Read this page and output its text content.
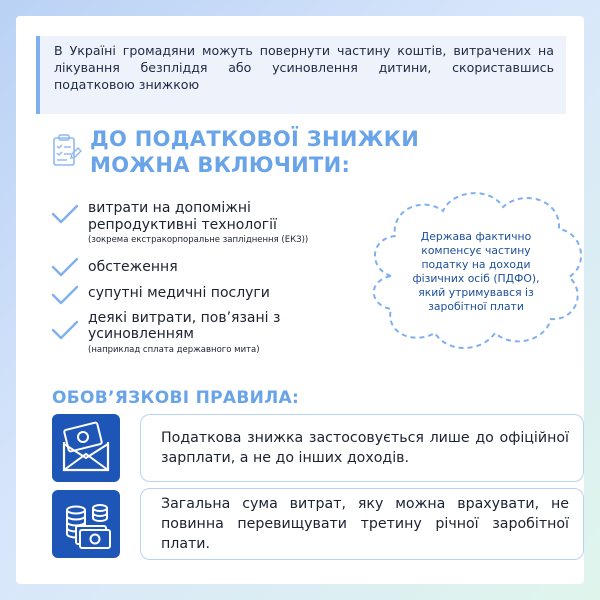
В Україні громадяни можуть повернути частину коштів, витрачених на лікування безпліддя або усиновлення дитини, скориставшись податковою знижкою

ДО ПОДАТКОВОЇ ЗНИЖКИ
МОЖНА ВКЛЮЧИТИ:
витрати на допоміжні
репродуктивні технології
(зокрема екстракорпоральне запліднення (ЕКЗ))
обстеження
супутні медичні послуги
деякі витрати, пов’язані з
усиновленням
(наприклад сплата державного мита)
Держава фактично
компенсує частину
податку на доходи
фізичних осіб (ПДФО),
який утримувався із
заробітної плати
ОБОВ’ЯЗКОВІ ПРАВИЛА:
Податкова знижка застосовується лише до офіційної зарплати, а не до інших доходів.
Загальна сума витрат, яку можна врахувати, не повинна перевищувати третину річної заробітної плати.
